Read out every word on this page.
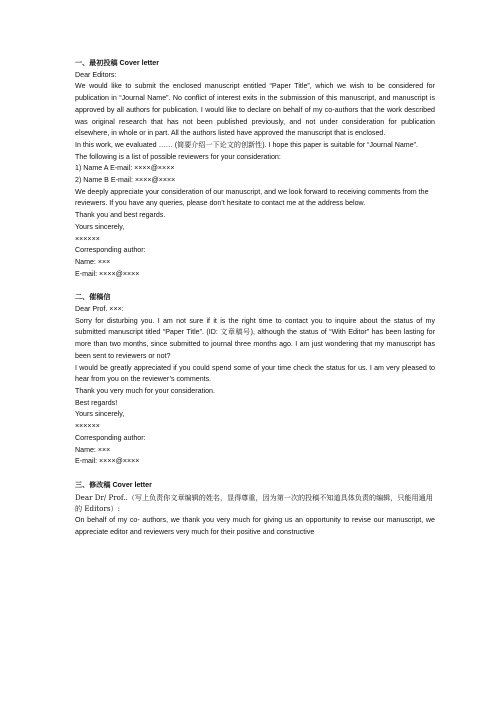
一、最初投稿 Cover letter

Dear Editors:

We would like to submit the enclosed manuscript entitled “Paper Title”, which we wish to be considered for publication in “Journal Name”. No conflict of interest exits in the submission of this manuscript, and manuscript is approved by all authors for publication. I would like to declare on behalf of my co-authors that the work described was original research that has not been published previously, and not under consideration for publication elsewhere, in whole or in part. All the authors listed have approved the manuscript that is enclosed.

In this work, we evaluated …… (简要介绍一下论文的创新性). I hope this paper is suitable for “Journal Name”.

The following is a list of possible reviewers for your consideration:

1) Name A E-mail: ××××@××××

2) Name B E-mail: ××××@××××

We deeply appreciate your consideration of our manuscript, and we look forward to receiving comments from the reviewers. If you have any queries, please don’t hesitate to contact me at the address below.

Thank you and best regards.

Yours sincerely,

××××××

Corresponding author:

Name: ×××

E-mail: ××××@××××

二、催稿信

Dear Prof. ×××:

Sorry for disturbing you. I am not sure if it is the right time to contact you to inquire about the status of my submitted manuscript titled “Paper Title”. (ID: 文章稿号), although the status of “With Editor” has been lasting for more than two months, since submitted to journal three months ago. I am just wondering that my manuscript has been sent to reviewers or not?

I would be greatly appreciated if you could spend some of your time check the status for us. I am very pleased to hear from you on the reviewer’s comments.

Thank you very much for your consideration.

Best regards!

Yours sincerely,

××××××

Corresponding author:

Name: ×××

E-mail: ××××@××××

三、修改稿 Cover letter

Dear Dr/ Prof..（写上负责你文章编辑的姓名，显得尊重，因为第一次的投稿不知道具体负责的编辑，只能用通用的 Editors）:

On behalf of my co- authors, we thank you very much for giving us an opportunity to revise our manuscript, we appreciate editor and reviewers very much for their positive and constructive
